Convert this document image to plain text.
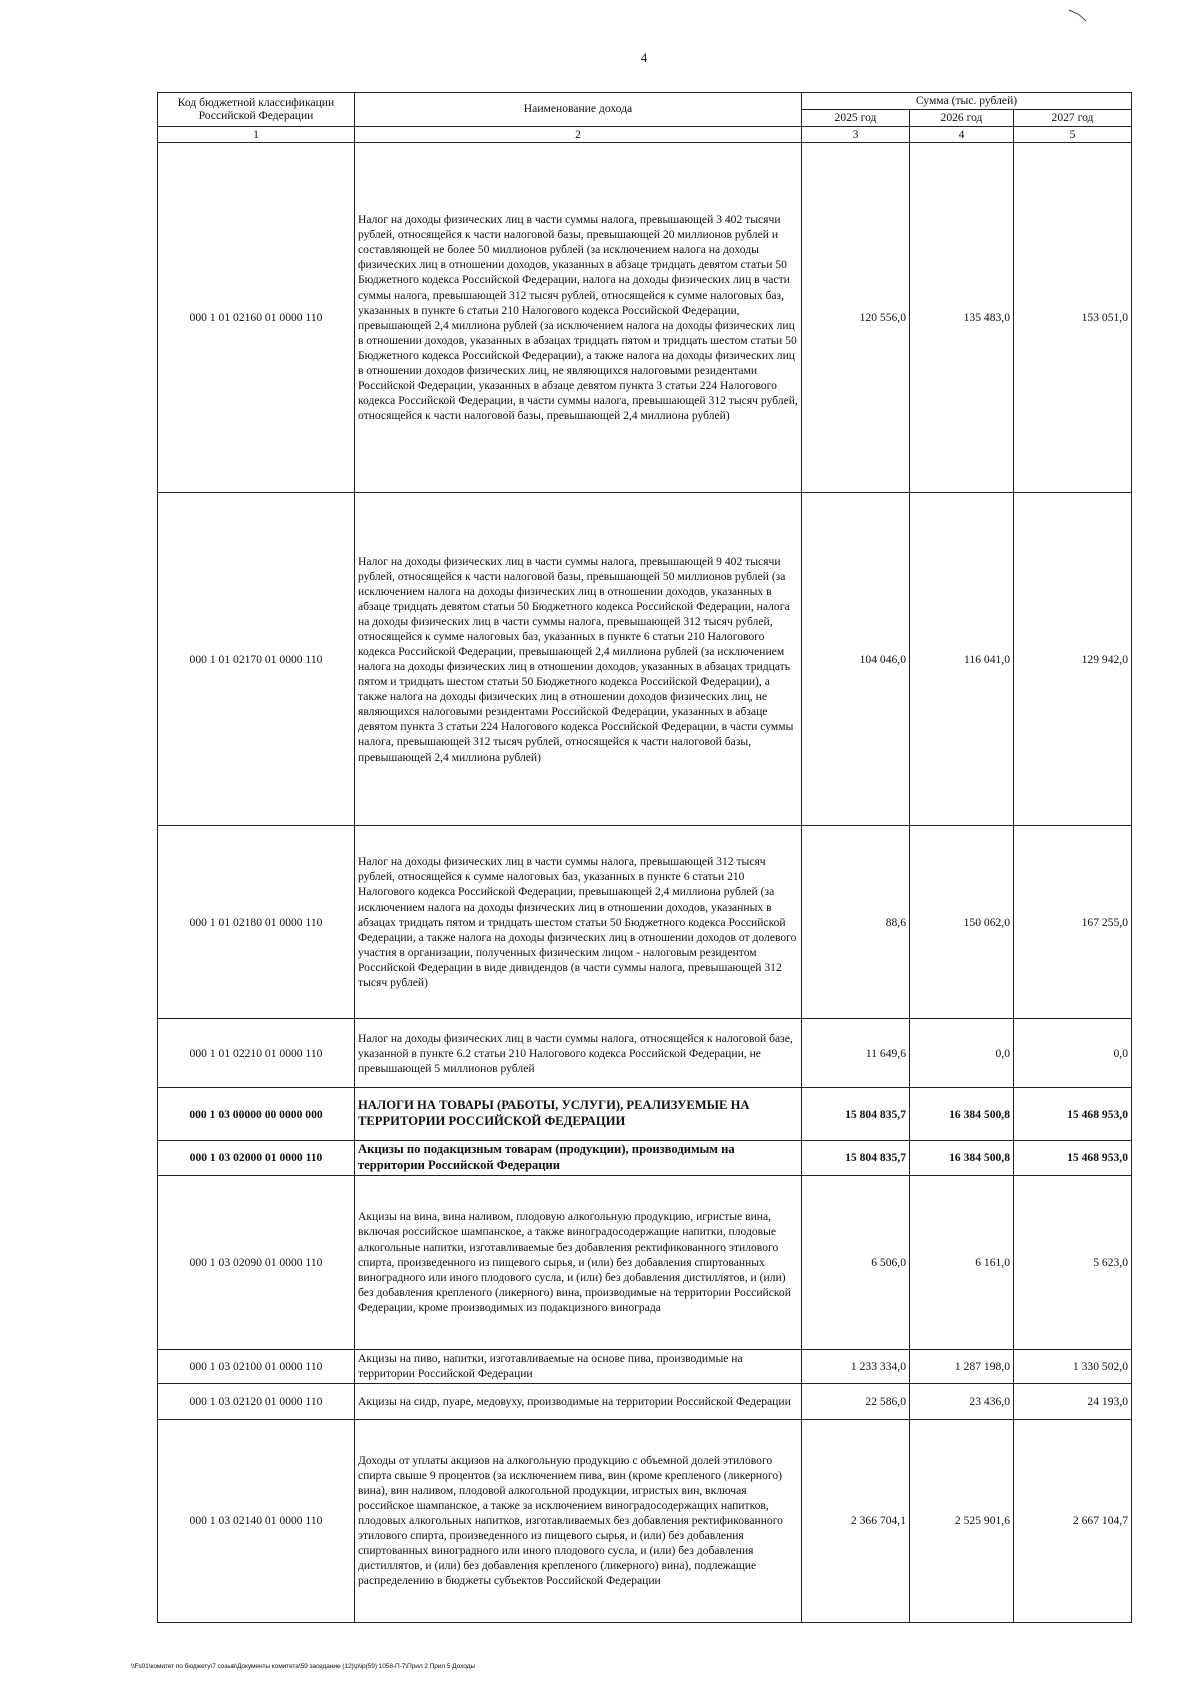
4
Код бюджетной классификации Российской Федерации	Наименование дохода	Сумма (тыс. рублей)		
		2025 год	2026 год	2027 год
1	2	3	4	5
000 1 01 02160 01 0000 110	Налог на доходы физических лиц в части суммы налога, превышающей 3 402 тысячи рублей, относящейся к части налоговой базы, превышающей 20 миллионов рублей и составляющей не более 50 миллионов рублей (за исключением налога на доходы физических лиц в отношении доходов, указанных в абзаце тридцать девятом статьи 50 Бюджетного кодекса Российской Федерации, налога на доходы физических лиц в части суммы налога, превышающей 312 тысяч рублей, относящейся к сумме налоговых баз, указанных в пункте 6 статьи 210 Налогового кодекса Российской Федерации, превышающей 2,4 миллиона рублей (за исключением налога на доходы физических лиц в отношении доходов, указанных в абзацах тридцать пятом и тридцать шестом статьи 50 Бюджетного кодекса Российской Федерации), а также налога на доходы физических лиц в отношении доходов физических лиц, не являющихся налоговыми резидентами Российской Федерации, указанных в абзаце девятом пункта 3 статьи 224 Налогового кодекса Российской Федерации, в части суммы налога, превышающей 312 тысяч рублей, относящейся к части налоговой базы, превышающей 2,4 миллиона рублей)	120 556,0	135 483,0	153 051,0
000 1 01 02170 01 0000 110	Налог на доходы физических лиц в части суммы налога, превышающей 9 402 тысячи рублей, относящейся к части налоговой базы, превышающей 50 миллионов рублей (за исключением налога на доходы физических лиц в отношении доходов, указанных в абзаце тридцать девятом статьи 50 Бюджетного кодекса Российской Федерации, налога на доходы физических лиц в части суммы налога, превышающей 312 тысяч рублей, относящейся к сумме налоговых баз, указанных в пункте 6 статьи 210 Налогового кодекса Российской Федерации, превышающей 2,4 миллиона рублей (за исключением налога на доходы физических лиц в отношении доходов, указанных в абзацах тридцать пятом и тридцать шестом статьи 50 Бюджетного кодекса Российской Федерации), а также налога на доходы физических лиц в отношении доходов физических лиц, не являющихся налоговыми резидентами Российской Федерации, указанных в абзаце девятом пункта 3 статьи 224 Налогового кодекса Российской Федерации, в части суммы налога, превышающей 312 тысяч рублей, относящейся к части налоговой базы, превышающей 2,4 миллиона рублей)	104 046,0	116 041,0	129 942,0
000 1 01 02180 01 0000 110	Налог на доходы физических лиц в части суммы налога, превышающей 312 тысяч рублей, относящейся к сумме налоговых баз, указанных в пункте 6 статьи 210 Налогового кодекса Российской Федерации, превышающей 2,4 миллиона рублей (за исключением налога на доходы физических лиц в отношении доходов, указанных в абзацах тридцать пятом и тридцать шестом статьи 50 Бюджетного кодекса Российской Федерации, а также налога на доходы физических лиц в отношении доходов от долевого участия в организации, полученных физическим лицом - налоговым резидентом Российской Федерации в виде дивидендов (в части суммы налога, превышающей 312 тысяч рублей)	88,6	150 062,0	167 255,0
000 1 01 02210 01 0000 110	Налог на доходы физических лиц в части суммы налога, относящейся к налоговой базе, указанной в пункте 6.2 статьи 210 Налогового кодекса Российской Федерации, не превышающей 5 миллионов рублей	11 649,6	0,0	0,0
000 1 03 00000 00 0000 000	НАЛОГИ НА ТОВАРЫ (РАБОТЫ, УСЛУГИ), РЕАЛИЗУЕМЫЕ НА ТЕРРИТОРИИ РОССИЙСКОЙ ФЕДЕРАЦИИ	15 804 835,7	16 384 500,8	15 468 953,0
000 1 03 02000 01 0000 110	Акцизы по подакцизным товарам (продукции), производимым на территории Российской Федерации	15 804 835,7	16 384 500,8	15 468 953,0
000 1 03 02090 01 0000 110	Акцизы на вина, вина наливом, плодовую алкогольную продукцию, игристые вина, включая российское шампанское, а также виноградосодержащие напитки, плодовые алкогольные напитки, изготавливаемые без добавления ректификованного этилового спирта, произведенного из пищевого сырья, и (или) без добавления спиртованных виноградного или иного плодового сусла, и (или) без добавления дистиллятов, и (или) без добавления крепленого (ликерного) вина, производимые на территории Российской Федерации, кроме производимых из подакцизного винограда	6 506,0	6 161,0	5 623,0
000 1 03 02100 01 0000 110	Акцизы на пиво, напитки, изготавливаемые на основе пива, производимые на территории Российской Федерации	1 233 334,0	1 287 198,0	1 330 502,0
000 1 03 02120 01 0000 110	Акцизы на сидр, пуаре, медовуху, производимые на территории Российской Федерации	22 586,0	23 436,0	24 193,0
000 1 03 02140 01 0000 110	Доходы от уплаты акцизов на алкогольную продукцию с объемной долей этилового спирта свыше 9 процентов (за исключением пива, вин (кроме крепленого (ликерного) вина), вин наливом, плодовой алкогольной продукции, игристых вин, включая российское шампанское, а также за исключением виноградосодержащих напитков, плодовых алкогольных напитков, изготавливаемых без добавления ректификованного этилового спирта, произведенного из пищевого сырья, и (или) без добавления спиртованных виноградного или иного плодового сусла, и (или) без добавления дистиллятов, и (или) без добавления крепленого (ликерного) вина), подлежащие распределению в бюджеты субъектов Российской Федерации	2 366 704,1	2 525 901,6	2 667 104,7
\\Fs01\комитет по бюджету\7 созыв\Документы комитета\59 заседание (12)\p\ip(59) 1058-П-7\Прил 2 Прил 5 Доходы
